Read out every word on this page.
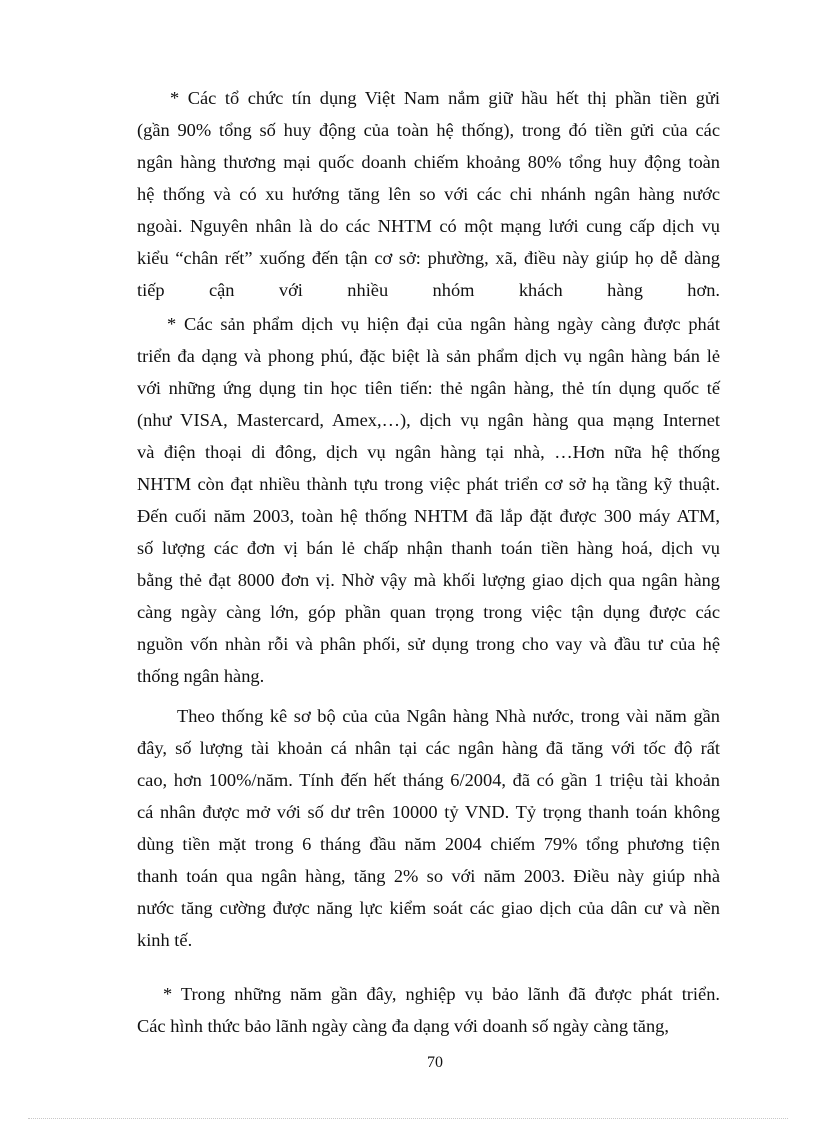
* Các tổ chức tín dụng Việt Nam nắm giữ hầu hết thị phần tiền gửi
(gần 90% tổng số huy động của toàn hệ thống), trong đó tiền gửi của các
ngân hàng thương mại quốc doanh chiếm khoảng 80% tổng huy động toàn
hệ thống và có xu hướng tăng lên so với các chi nhánh ngân hàng nước
ngoài. Nguyên nhân là do các NHTM có một mạng lưới cung cấp dịch vụ
kiểu “chân rết” xuống đến tận cơ sở: phường, xã, điều này giúp họ dễ dàng
tiếp cận với nhiều nhóm khách hàng hơn.

* Các sản phẩm dịch vụ hiện đại của ngân hàng ngày càng được phát
triển đa dạng và phong phú, đặc biệt là sản phẩm dịch vụ ngân hàng bán lẻ
với những ứng dụng tin học tiên tiến: thẻ ngân hàng, thẻ tín dụng quốc tế
(như VISA, Mastercard, Amex,…), dịch vụ ngân hàng qua mạng Internet
và điện thoại di đông, dịch vụ ngân hàng tại nhà, …Hơn nữa hệ thống
NHTM còn đạt nhiều thành tựu trong việc phát triển cơ sở hạ tầng kỹ thuật.
Đến cuối năm 2003, toàn hệ thống NHTM đã lắp đặt được 300 máy ATM,
số lượng các đơn vị bán lẻ chấp nhận thanh toán tiền hàng hoá, dịch vụ
bằng thẻ đạt 8000 đơn vị. Nhờ vậy mà khối lượng giao dịch qua ngân hàng
càng ngày càng lớn, góp phần quan trọng trong việc tận dụng được các
nguồn vốn nhàn rỗi và phân phối, sử dụng trong cho vay và đầu tư của hệ
thống ngân hàng.

Theo thống kê sơ bộ của của Ngân hàng Nhà nước, trong vài năm gần
đây, số lượng tài khoản cá nhân tại các ngân hàng đã tăng với tốc độ rất
cao, hơn 100%/năm. Tính đến hết tháng 6/2004, đã có gần 1 triệu tài khoản
cá nhân được mở với số dư trên 10000 tỷ VND. Tỷ trọng thanh toán không
dùng tiền mặt trong 6 tháng đầu năm 2004 chiếm 79% tổng phương tiện
thanh toán qua ngân hàng, tăng 2% so với năm 2003. Điều này giúp nhà
nước tăng cường được năng lực kiểm soát các giao dịch của dân cư và nền
kinh tế.

* Trong những năm gần đây, nghiệp vụ bảo lãnh đã được phát triển.
Các hình thức bảo lãnh ngày càng đa dạng với doanh số ngày càng tăng,

70
